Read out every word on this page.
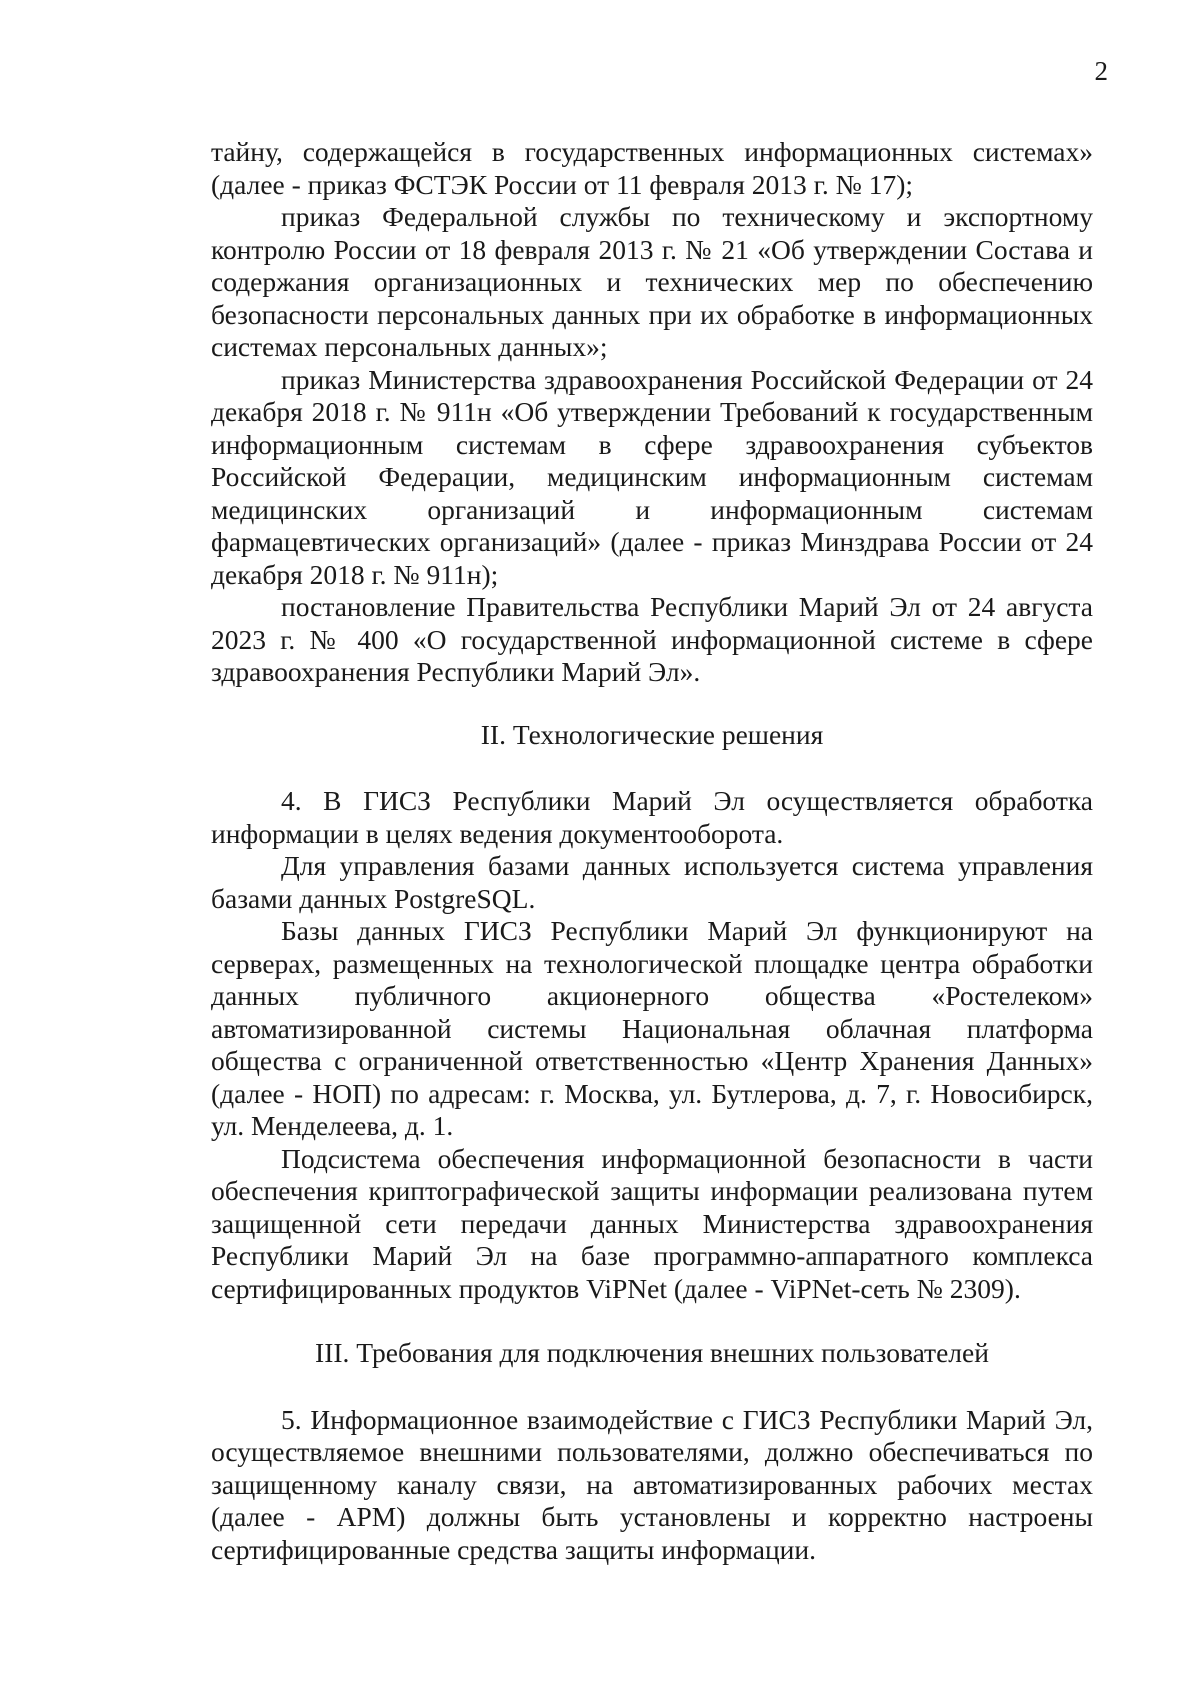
2

тайну, содержащейся в государственных информационных системах» (далее - приказ ФСТЭК России от 11 февраля 2013 г. № 17);

приказ Федеральной службы по техническому и экспортному контролю России от 18 февраля 2013 г. № 21 «Об утверждении Состава и содержания организационных и технических мер по обеспечению безопасности персональных данных при их обработке в информационных системах персональных данных»;

приказ Министерства здравоохранения Российской Федерации от 24 декабря 2018 г. № 911н «Об утверждении Требований к государственным информационным системам в сфере здравоохранения субъектов Российской Федерации, медицинским информационным системам медицинских организаций и информационным системам фармацевтических организаций» (далее - приказ Минздрава России от 24 декабря 2018 г. № 911н);

постановление Правительства Республики Марий Эл от 24 августа 2023 г. № 400 «О государственной информационной системе в сфере здравоохранения Республики Марий Эл».

II. Технологические решения

4. В ГИСЗ Республики Марий Эл осуществляется обработка информации в целях ведения документооборота.

Для управления базами данных используется система управления базами данных PostgreSQL.

Базы данных ГИСЗ Республики Марий Эл функционируют на серверах, размещенных на технологической площадке центра обработки данных публичного акционерного общества «Ростелеком» автоматизированной системы Национальная облачная платформа общества с ограниченной ответственностью «Центр Хранения Данных» (далее - НОП) по адресам: г. Москва, ул. Бутлерова, д. 7, г. Новосибирск, ул. Менделеева, д. 1.

Подсистема обеспечения информационной безопасности в части обеспечения криптографической защиты информации реализована путем защищенной сети передачи данных Министерства здравоохранения Республики Марий Эл на базе программно-аппаратного комплекса сертифицированных продуктов ViPNet (далее - ViPNet-сеть № 2309).

III. Требования для подключения внешних пользователей

5. Информационное взаимодействие с ГИСЗ Республики Марий Эл, осуществляемое внешними пользователями, должно обеспечиваться по защищенному каналу связи, на автоматизированных рабочих местах (далее - АРМ) должны быть установлены и корректно настроены сертифицированные средства защиты информации.
